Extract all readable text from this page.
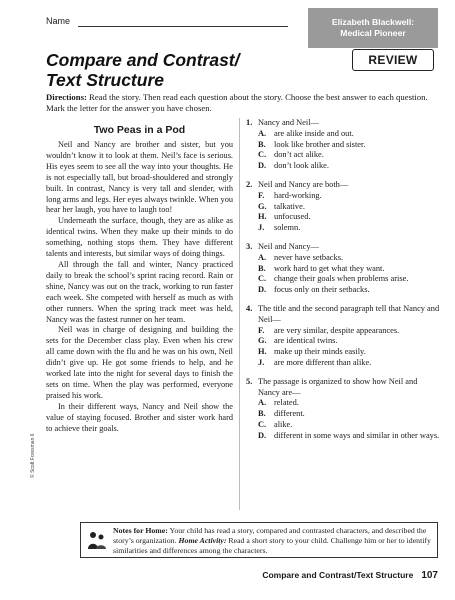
Name	Elizabeth Blackwell:
Medical Pioneer
Compare and Contrast/
Text Structure
REVIEW
Directions: Read the story. Then read each question about the story. Choose the best answer to each question. Mark the letter for the answer you have chosen.
Two Peas in a Pod

Neil and Nancy are brother and sister, but you wouldn’t know it to look at them. Neil’s face is serious. His eyes seem to see all the way into your thoughts. He is not especially tall, but broad-shouldered and strongly built. In contrast, Nancy is very tall and slender, with long arms and legs. Her eyes always twinkle. When you hear her laugh, you have to laugh too!

Underneath the surface, though, they are as alike as identical twins. When they make up their minds to do something, nothing stops them. They have different talents and interests, but similar ways of doing things.

All through the fall and winter, Nancy practiced daily to break the school’s sprint racing record. Rain or shine, Nancy was out on the track, working to run faster each week. She competed with herself as much as with other runners. When the spring track meet was held, Nancy was the fastest runner on her team.

Neil was in charge of designing and building the sets for the December class play. Even when his crew all came down with the flu and he was on his own, Neil didn’t give up. He got some friends to help, and he worked late into the night for several days to finish the sets on time. When the play was performed, everyone praised his work.

In their different ways, Nancy and Neil show the value of staying focused. Brother and sister work hard to achieve their goals.

1. Nancy and Neil—
A. are alike inside and out.
B. look like brother and sister.
C. don’t act alike.
D. don’t look alike.
2. Neil and Nancy are both—
F.	hard-working.
G. talkative.
H. unfocused.
J.	solemn.
3. Neil and Nancy—
A. never have setbacks.
B. work hard to get what they want.
C. change their goals when problems arise.
D. focus only on their setbacks.
4. The title and the second paragraph tell that Nancy and Neil—
F.	are very similar, despite appearances.
G. are identical twins.
H. make up their minds easily.
J.	are more different than alike.
5. The passage is organized to show how Neil and Nancy are—
A. related.
B. different.
C. alike.
D. different in some ways and similar in other ways.
© Scott Foresman 6
Notes for Home: Your child has read a story, compared and contrasted characters, and described the story’s organization. Home Activity: Read a short story to your child. Challenge him or her to identify similarities and differences among the characters.
Compare and Contrast/Text Structure 107
